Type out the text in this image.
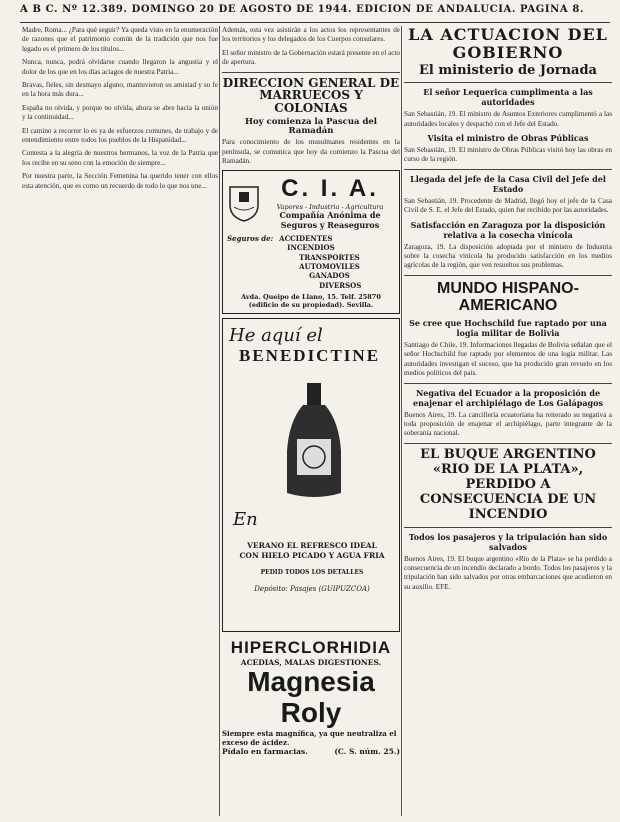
A B C. Nº 12.389. DOMINGO 20 DE AGOSTO DE 1944. EDICION DE ANDALUCIA. PAGINA 8.

Madre, Roma... ¿Para qué seguir? Ya queda visto en la enumeración de razones que el patrimonio común de la tradición que nos fue legado es el primero de los títulos...

Nunca, nunca, podrá olvidarse cuando llegaron la angustia y el dolor de los que en los días aciagos de nuestra Patria...

Bravas, fieles, sin desmayo alguno, mantuvieron su amistad y su fe en la hora más dura...

España no olvida, y porque no olvida, ahora se abre hacia la unión y la continuidad...

El camino a recorrer lo es ya de esfuerzos comunes, de trabajo y de entendimiento entre todos los pueblos de la Hispanidad...

Contesta a la alegría de nuestros hermanos, la voz de la Patria que los recibe en su seno con la emoción de siempre...

Por nuestra parte, la Sección Femenina ha querido tener con ellos esta atención, que es como un recuerdo de todo lo que nos une...

Además, esta vez asistirán a los actos los representantes de los territorios y los delegados de los Cuerpos consulares.

El señor ministro de la Gobernación estará presente en el acto de apertura.

DIRECCION GENERAL DE MARRUECOS Y COLONIAS
Hoy comienza la Pascua del Ramadán

Para conocimiento de los musulmanes residentes en la península, se comunica que hoy da comienzo la Pascua del Ramadán.

C. I. A.
Vapores - Industria - Agricultura
Compañía Anónima de Seguros y Reaseguros
Seguros de: ACCIDENTES
INCENDIOS
TRANSPORTES
AUTOMOVILES
GANADOS
DIVERSOS
Avda. Queipo de Llano, 15. Telf. 25870 (edificio de su propiedad). Sevilla.
He aquí el
BENEDICTINE
En
VERANO EL REFRESCO IDEAL
CON HIELO PICADO Y AGUA FRIA
PEDID TODOS LOS DETALLES
Depósito: Pasajes (GUIPUZCOA)
HIPERCLORHIDIA
ACEDIAS, MALAS DIGESTIONES.
Magnesia Roly
Siempre esta magnífica, ya que neutraliza el exceso de ácidez.
Pídalo en farmacias.	(C. S. núm. 25.)
LA ACTUACION DEL GOBIERNO
El ministerio de Jornada
El señor Lequerica cumplimenta a las autoridades

San Sebastián, 19. El ministro de Asuntos Exteriores cumplimentó a las autoridades locales y despachó con el Jefe del Estado.

Visita el ministro de Obras Públicas

San Sebastián, 19. El ministro de Obras Públicas visitó hoy las obras en curso de la región.

Llegada del jefe de la Casa Civil del Jefe del Estado

San Sebastián, 19. Procedente de Madrid, llegó hoy el jefe de la Casa Civil de S. E. el Jefe del Estado, quien fue recibido por las autoridades.

Satisfacción en Zaragoza por la disposición relativa a la cosecha vinícola

Zaragoza, 19. La disposición adoptada por el ministro de Industria sobre la cosecha vinícola ha producido satisfacción en los medios agrícolas de la región, que ven resueltos sus problemas.

MUNDO HISPANO-AMERICANO
Se cree que Hochschild fue raptado por una logia militar de Bolivia

Santiago de Chile, 19. Informaciones llegadas de Bolivia señalan que el señor Hochschild fue raptado por elementos de una logia militar. Las autoridades investigan el suceso, que ha producido gran revuelo en los medios políticos del país.

Negativa del Ecuador a la proposición de enajenar el archipiélago de Los Galápagos

Buenos Aires, 19. La cancillería ecuatoriana ha reiterado su negativa a toda proposición de enajenar el archipiélago, parte integrante de la soberanía nacional.

EL BUQUE ARGENTINO «RIO DE LA PLATA», PERDIDO A CONSECUENCIA DE UN INCENDIO
Todos los pasajeros y la tripulación han sido salvados

Buenos Aires, 19. El buque argentino «Río de la Plata» se ha perdido a consecuencia de un incendio declarado a bordo. Todos los pasajeros y la tripulación han sido salvados por otras embarcaciones que acudieron en su auxilio. EFE.
